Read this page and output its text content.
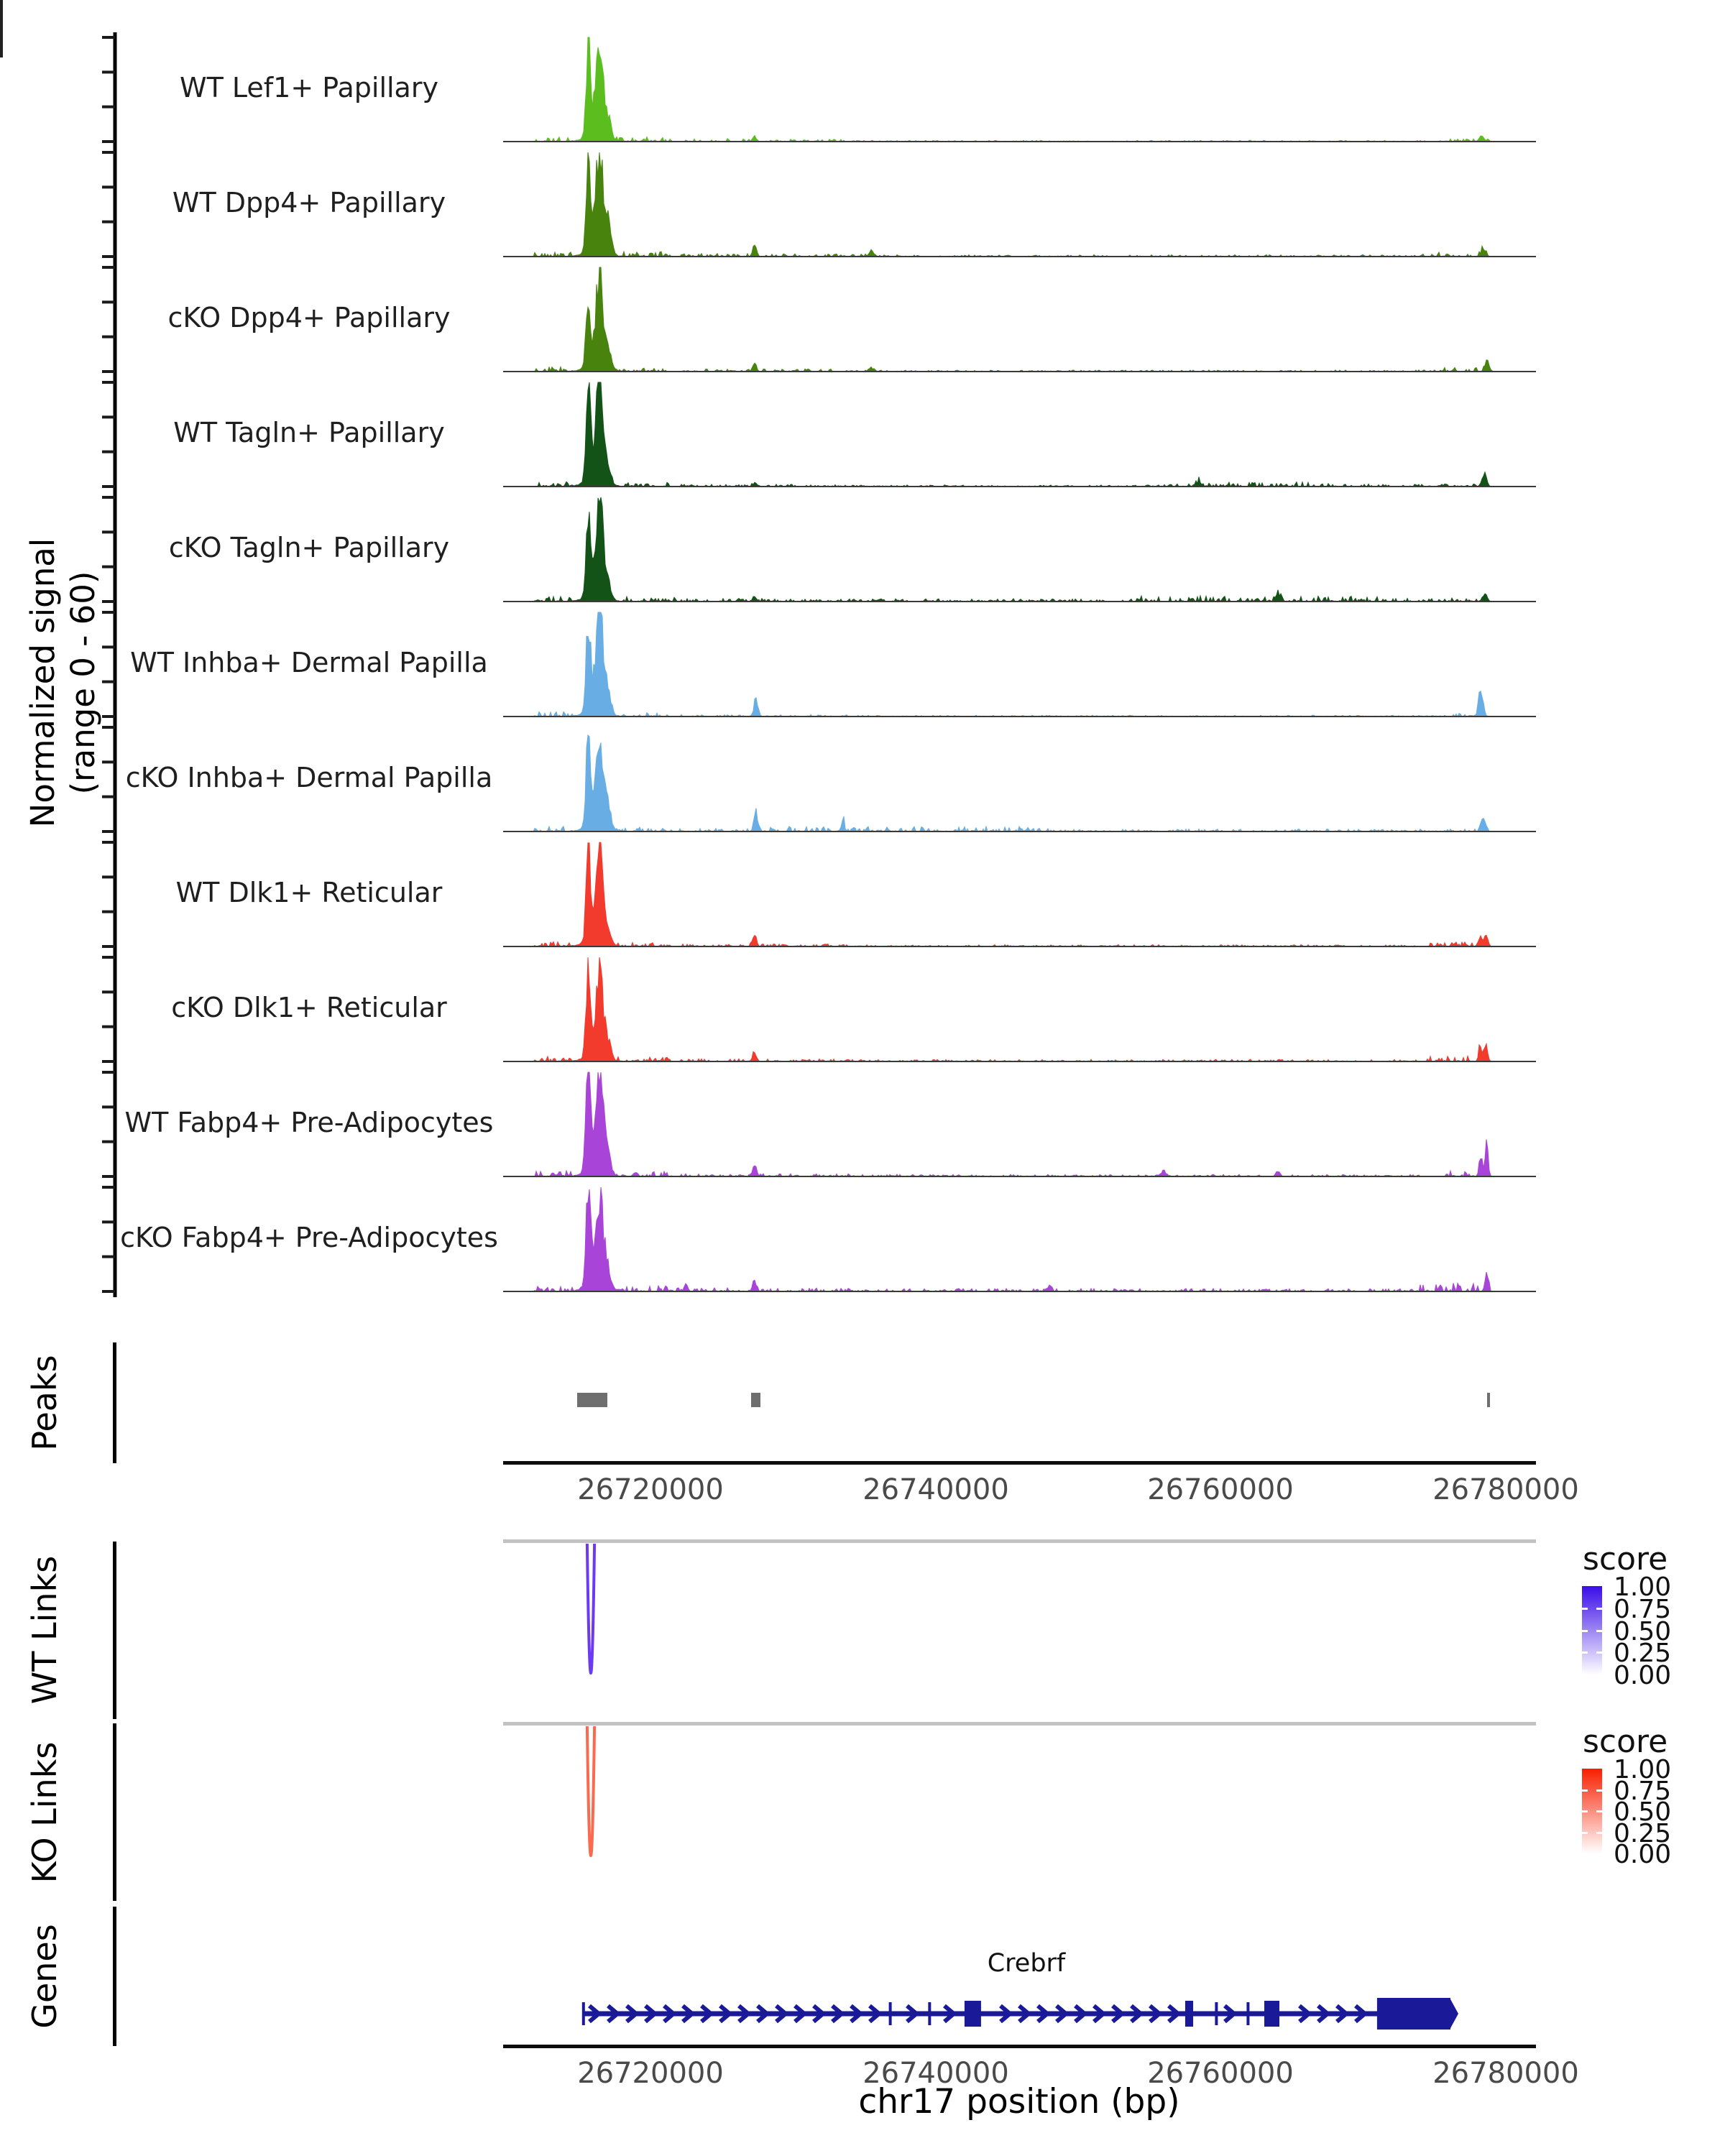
Normalized signal (range 0 - 60)
WT Lef1+ Papillary
WT Dpp4+ Papillary
cKO Dpp4+ Papillary
WT Tagln+ Papillary
cKO Tagln+ Papillary
WT Inhba+ Dermal Papilla
cKO Inhba+ Dermal Papilla
WT Dlk1+ Reticular
cKO Dlk1+ Reticular
WT Fabp4+ Pre-Adipocytes
cKO Fabp4+ Pre-Adipocytes
Peaks
26720000	26740000	26760000	26780000
WT Links	score
1.00
0.75
0.50
0.25
0.00
KO Links
score
1.00
0.75
0.50
0.25
0.00
Genes	Crebrf
26720000	26740000	26760000	26780000
chr17 position (bp)
